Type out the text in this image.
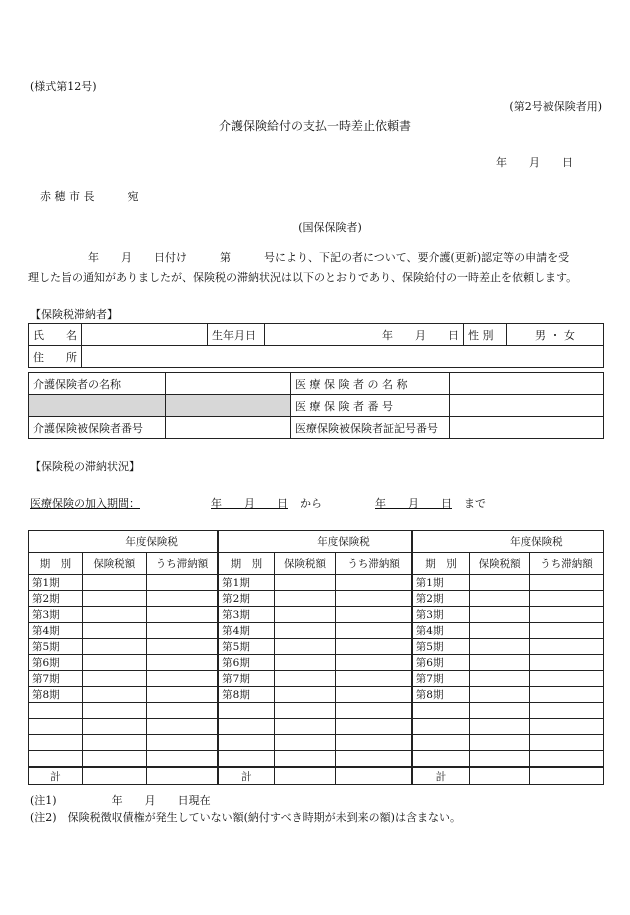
(様式第12号)
(第2号被保険者用)
介護保険給付の支払一時差止依頼書
年　　月　　日
赤 穂 市 長　　　宛
(国保保険者)
年　　月　　日付け　　　第　　　号により、下記の者について、要介護(更新)認定等の申請を受
理した旨の通知がありましたが、保険税の滞納状況は以下のとおりであり、保険給付の一時差止を依頼します。
【保険税滞納者】
氏　　名		生年月日	年　　月　　日	性 別	男 ・ 女
住　　所					
介護保険者の名称		医 療 保 険 者 の 名 称	
		医 療 保 険 者 番 号	
介護保険被保険者番号		医療保険被保険者証記号番号	
【保険税の滞納状況】
医療保険の加入期間：	年　　月　　日 から	年　　月　　日 まで
年度保険税			年度保険税			年度保険税		
期　別	保険税額	うち滞納額	期　別	保険税額	うち滞納額	期　別	保険税額	うち滞納額
第1期			第1期			第1期		
第2期			第2期			第2期		
第3期			第3期			第3期		
第4期			第4期			第4期		
第5期			第5期			第5期		
第6期			第6期			第6期		
第7期			第7期			第7期		
第8期			第8期			第8期		

計			計			計		
(注1)　　　　　年　　月　　日現在
(注2)　保険税徴収債権が発生していない額(納付すべき時期が未到来の額)は含まない。
